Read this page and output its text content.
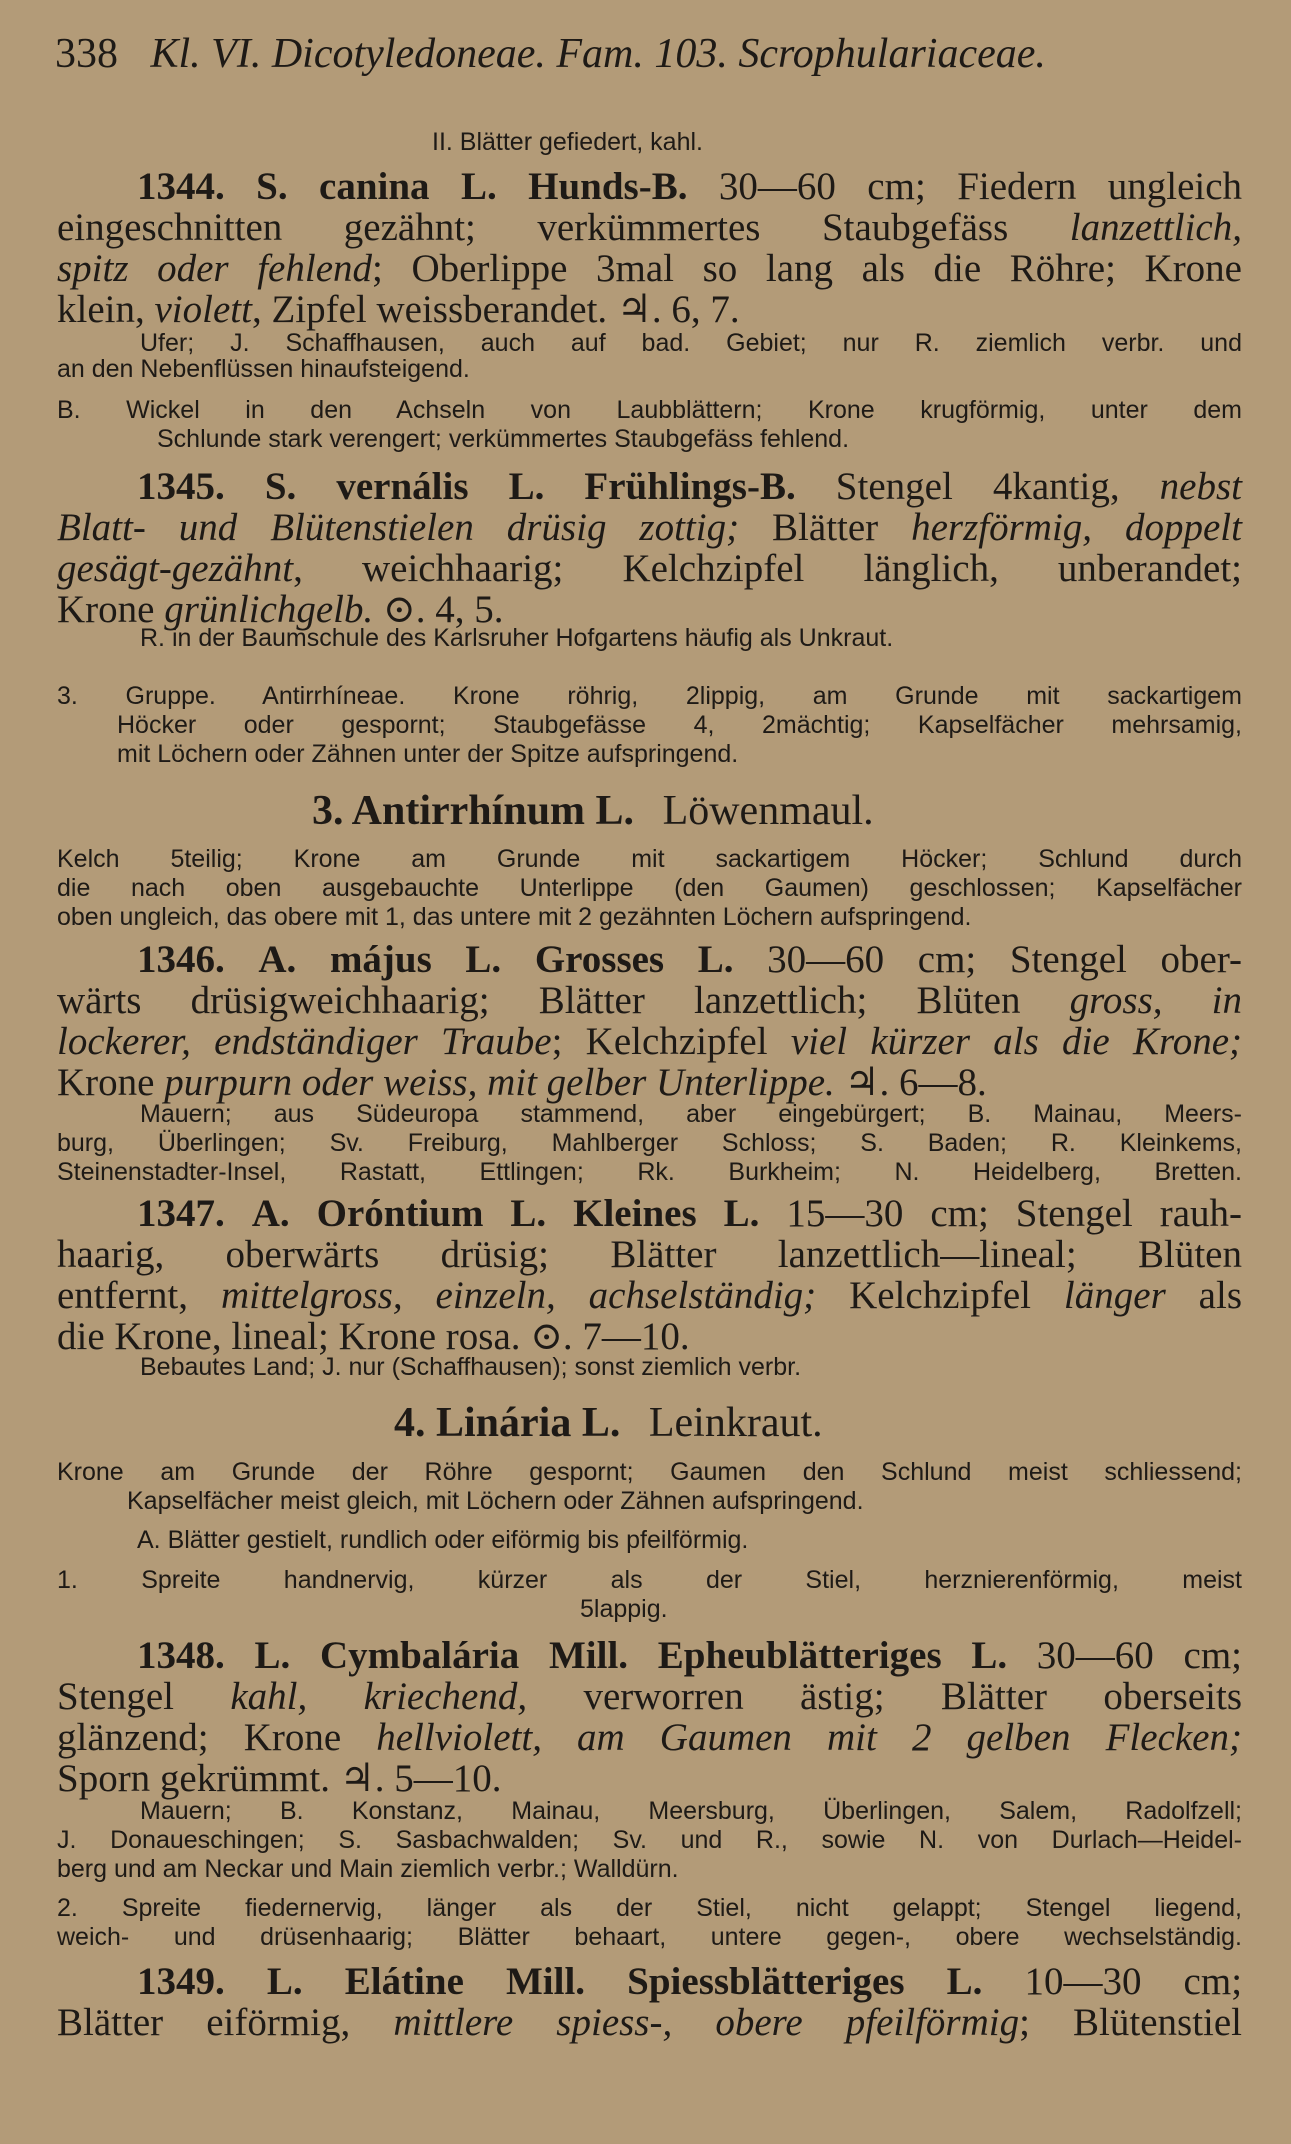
338 Kl. VI. Dicotyledoneae. Fam. 103. Scrophulariaceae.
II. Blätter gefiedert, kahl.
1344. S. canina L. Hunds-B. 30—60 cm; Fiedern ungleich
eingeschnitten gezähnt; verkümmertes Staubgefäss lanzettlich,
spitz oder fehlend; Oberlippe 3mal so lang als die Röhre; Krone
klein, violett, Zipfel weissberandet. ♃. 6, 7.
Ufer; J. Schaffhausen, auch auf bad. Gebiet; nur R. ziemlich verbr. und
an den Nebenflüssen hinaufsteigend.
B. Wickel in den Achseln von Laubblättern; Krone krugförmig, unter dem
Schlunde stark verengert; verkümmertes Staubgefäss fehlend.
1345. S. vernális L. Frühlings-B. Stengel 4kantig, nebst
Blatt- und Blütenstielen drüsig zottig; Blätter herzförmig, doppelt
gesägt-gezähnt, weichhaarig; Kelchzipfel länglich, unberandet;
Krone grünlichgelb. ⊙. 4, 5.
R. in der Baumschule des Karlsruher Hofgartens häufig als Unkraut.
3. Gruppe. Antirrhíneae. Krone röhrig, 2lippig, am Grunde mit sackartigem
Höcker oder gespornt; Staubgefässe 4, 2mächtig; Kapselfächer mehrsamig,
mit Löchern oder Zähnen unter der Spitze aufspringend.
3. Antirrhínum L. Löwenmaul.
Kelch 5teilig; Krone am Grunde mit sackartigem Höcker; Schlund durch
die nach oben ausgebauchte Unterlippe (den Gaumen) geschlossen; Kapselfächer
oben ungleich, das obere mit 1, das untere mit 2 gezähnten Löchern aufspringend.
1346. A. május L. Grosses L. 30—60 cm; Stengel ober-
wärts drüsigweichhaarig; Blätter lanzettlich; Blüten gross, in
lockerer, endständiger Traube; Kelchzipfel viel kürzer als die Krone;
Krone purpurn oder weiss, mit gelber Unterlippe. ♃. 6—8.
Mauern; aus Südeuropa stammend, aber eingebürgert; B. Mainau, Meers-
burg, Überlingen; Sv. Freiburg, Mahlberger Schloss; S. Baden; R. Kleinkems,
Steinenstadter-Insel, Rastatt, Ettlingen; Rk. Burkheim; N. Heidelberg, Bretten.
1347. A. Oróntium L. Kleines L. 15—30 cm; Stengel rauh-
haarig, oberwärts drüsig; Blätter lanzettlich—lineal; Blüten
entfernt, mittelgross, einzeln, achselständig; Kelchzipfel länger als
die Krone, lineal; Krone rosa. ⊙. 7—10.
Bebautes Land; J. nur (Schaffhausen); sonst ziemlich verbr.
4. Linária L. Leinkraut.
Krone am Grunde der Röhre gespornt; Gaumen den Schlund meist schliessend;
Kapselfächer meist gleich, mit Löchern oder Zähnen aufspringend.
A. Blätter gestielt, rundlich oder eiförmig bis pfeilförmig.
1. Spreite handnervig, kürzer als der Stiel, herznierenförmig, meist
5lappig.
1348. L. Cymbalária Mill. Epheublätteriges L. 30—60 cm;
Stengel kahl, kriechend, verworren ästig; Blätter oberseits
glänzend; Krone hellviolett, am Gaumen mit 2 gelben Flecken;
Sporn gekrümmt. ♃. 5—10.
Mauern; B. Konstanz, Mainau, Meersburg, Überlingen, Salem, Radolfzell;
J. Donaueschingen; S. Sasbachwalden; Sv. und R., sowie N. von Durlach—Heidel-
berg und am Neckar und Main ziemlich verbr.; Walldürn.
2. Spreite fiedernervig, länger als der Stiel, nicht gelappt; Stengel liegend,
weich- und drüsenhaarig; Blätter behaart, untere gegen-, obere wechselständig.
1349. L. Elátine Mill. Spiessblätteriges L. 10—30 cm;
Blätter eiförmig, mittlere spiess-, obere pfeilförmig; Blütenstiel
